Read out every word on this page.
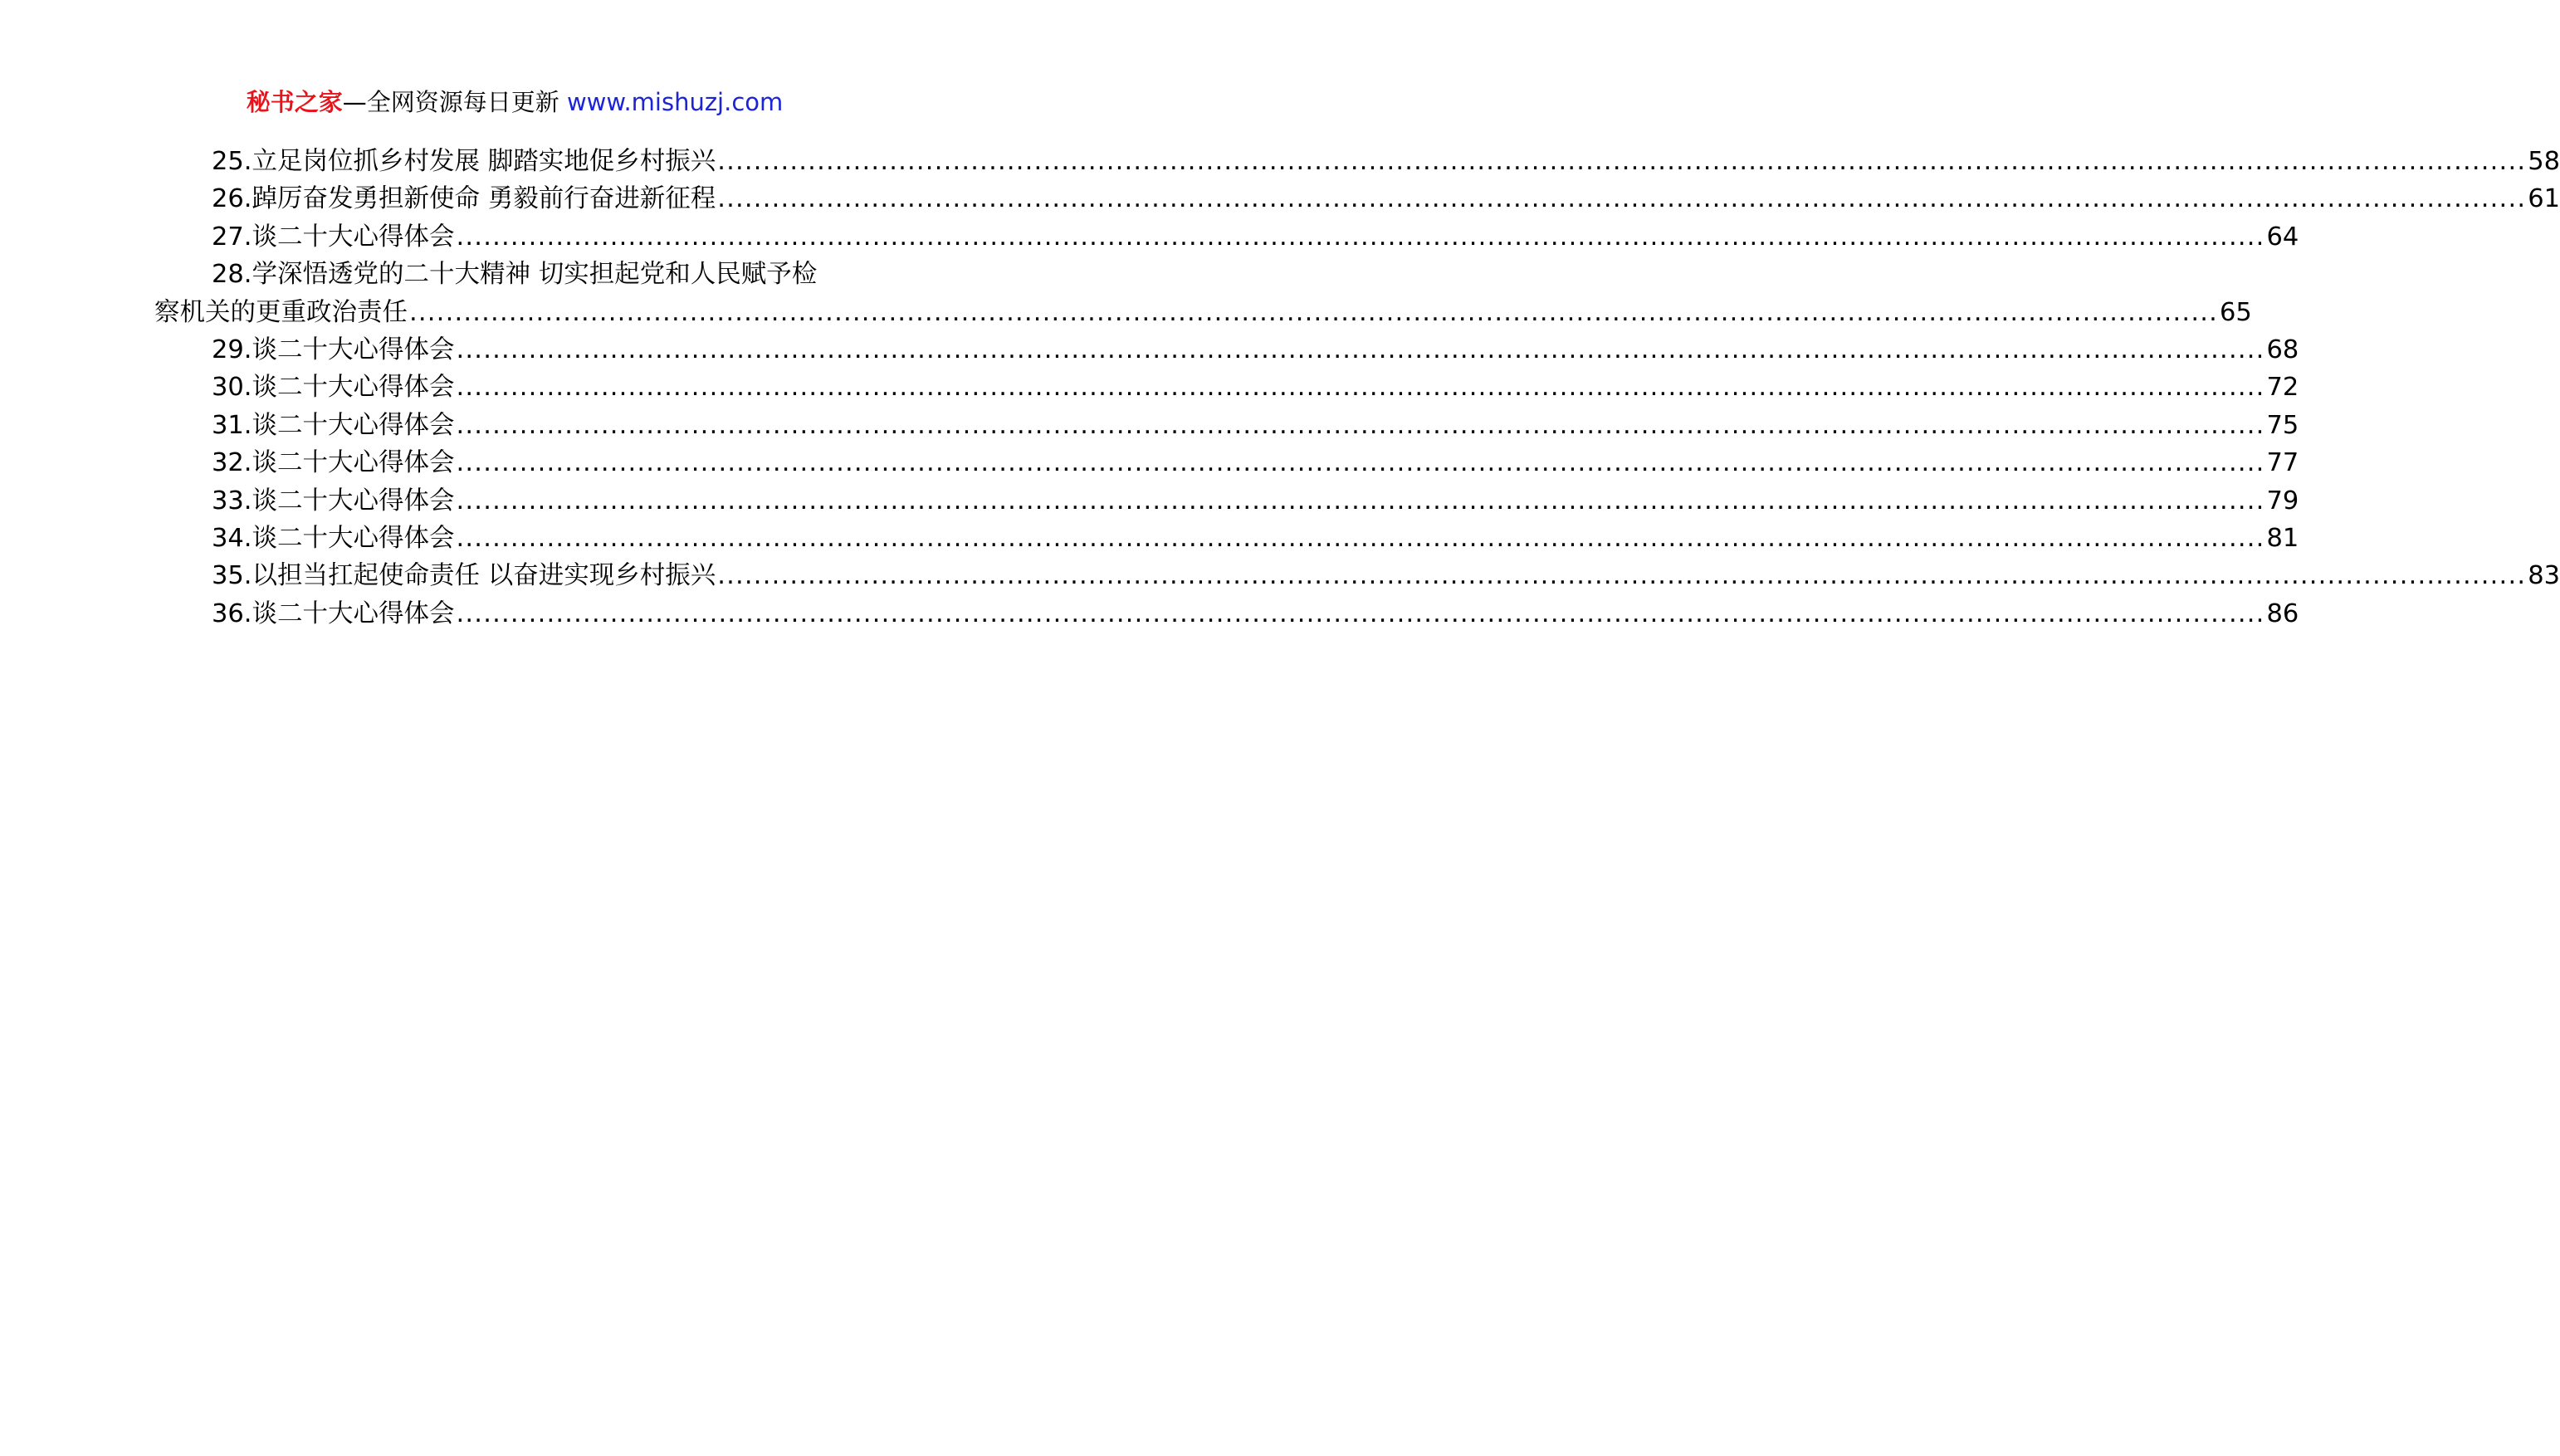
秘书之家—全网资源每日更新 www.mishuzj.com
25.立足岗位抓乡村发展 脚踏实地促乡村振兴 ........................................................................................................................................................................................................ 58
26.踔厉奋发勇担新使命 勇毅前行奋进新征程 ........................................................................................................................................................................................................ 61
27.谈二十大心得体会 ........................................................................................................................................................................................................ 64
28.学深悟透党的二十大精神 切实担起党和人民赋予检
察机关的更重政治责任 ........................................................................................................................................................................................................ 65
29.谈二十大心得体会 ........................................................................................................................................................................................................ 68
30.谈二十大心得体会 ........................................................................................................................................................................................................ 72
31.谈二十大心得体会 ........................................................................................................................................................................................................ 75
32.谈二十大心得体会 ........................................................................................................................................................................................................ 77
33.谈二十大心得体会 ........................................................................................................................................................................................................ 79
34.谈二十大心得体会 ........................................................................................................................................................................................................ 81
35.以担当扛起使命责任 以奋进实现乡村振兴 ........................................................................................................................................................................................................ 83
36.谈二十大心得体会 ........................................................................................................................................................................................................ 86
